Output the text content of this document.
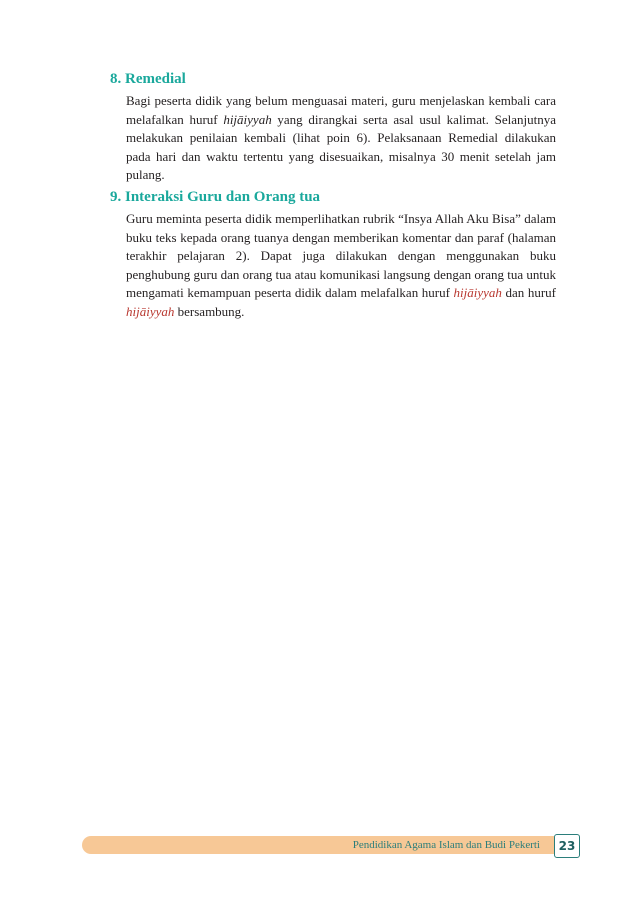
8. Remedial

Bagi peserta didik yang belum menguasai materi, guru menjelaskan kembali cara melafalkan huruf hijāiyyah yang dirangkai serta asal usul kalimat. Selanjutnya melakukan penilaian kembali (lihat poin 6). Pelaksanaan Remedial dilakukan pada hari dan waktu tertentu yang disesuaikan, misalnya 30 menit setelah jam pulang.

9. Interaksi Guru dan Orang tua

Guru meminta peserta didik memperlihatkan rubrik “Insya Allah Aku Bisa” dalam buku teks kepada orang tuanya dengan memberikan komentar dan paraf (halaman terakhir pelajaran 2). Dapat juga dilakukan dengan menggunakan buku penghubung guru dan orang tua atau komunikasi langsung dengan orang tua untuk mengamati kemampuan peserta didik dalam melafalkan huruf hijāiyyah dan huruf hijāiyyah bersambung.

Pendidikan Agama Islam dan Budi Pekerti	23
